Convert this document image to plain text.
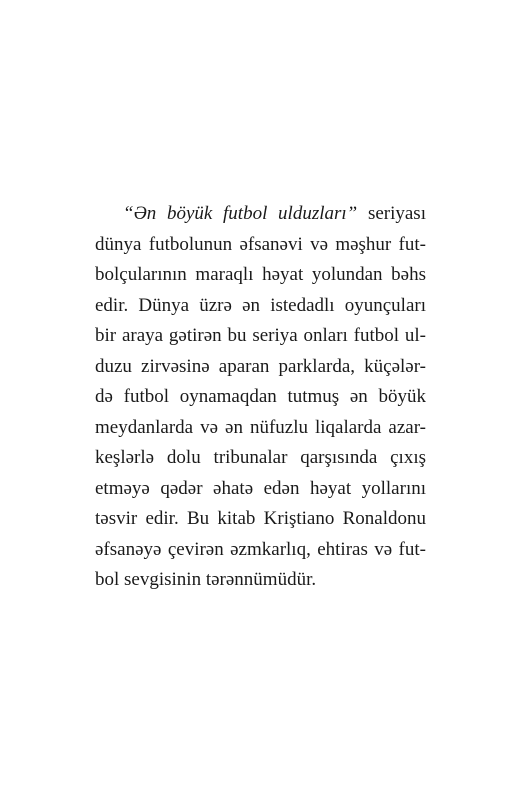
“Ən böyük futbol ulduzları” seriyası
dünya futbolunun əfsanəvi və məşhur fut-
bolçularının maraqlı həyat yolundan bəhs
edir. Dünya üzrə ən istedadlı oyunçuları
bir araya gətirən bu seriya onları futbol ul-
duzu zirvəsinə aparan parklarda, küçələr-
də futbol oynamaqdan tutmuş ən böyük
meydanlarda və ən nüfuzlu liqalarda azar-
keşlərlə dolu tribunalar qarşısında çıxış
etməyə qədər əhatə edən həyat yollarını
təsvir edir. Bu kitab Kriştiano Ronaldonu
əfsanəyə çevirən əzmkarlıq, ehtiras və fut-
bol sevgisinin tərənnümüdür.
